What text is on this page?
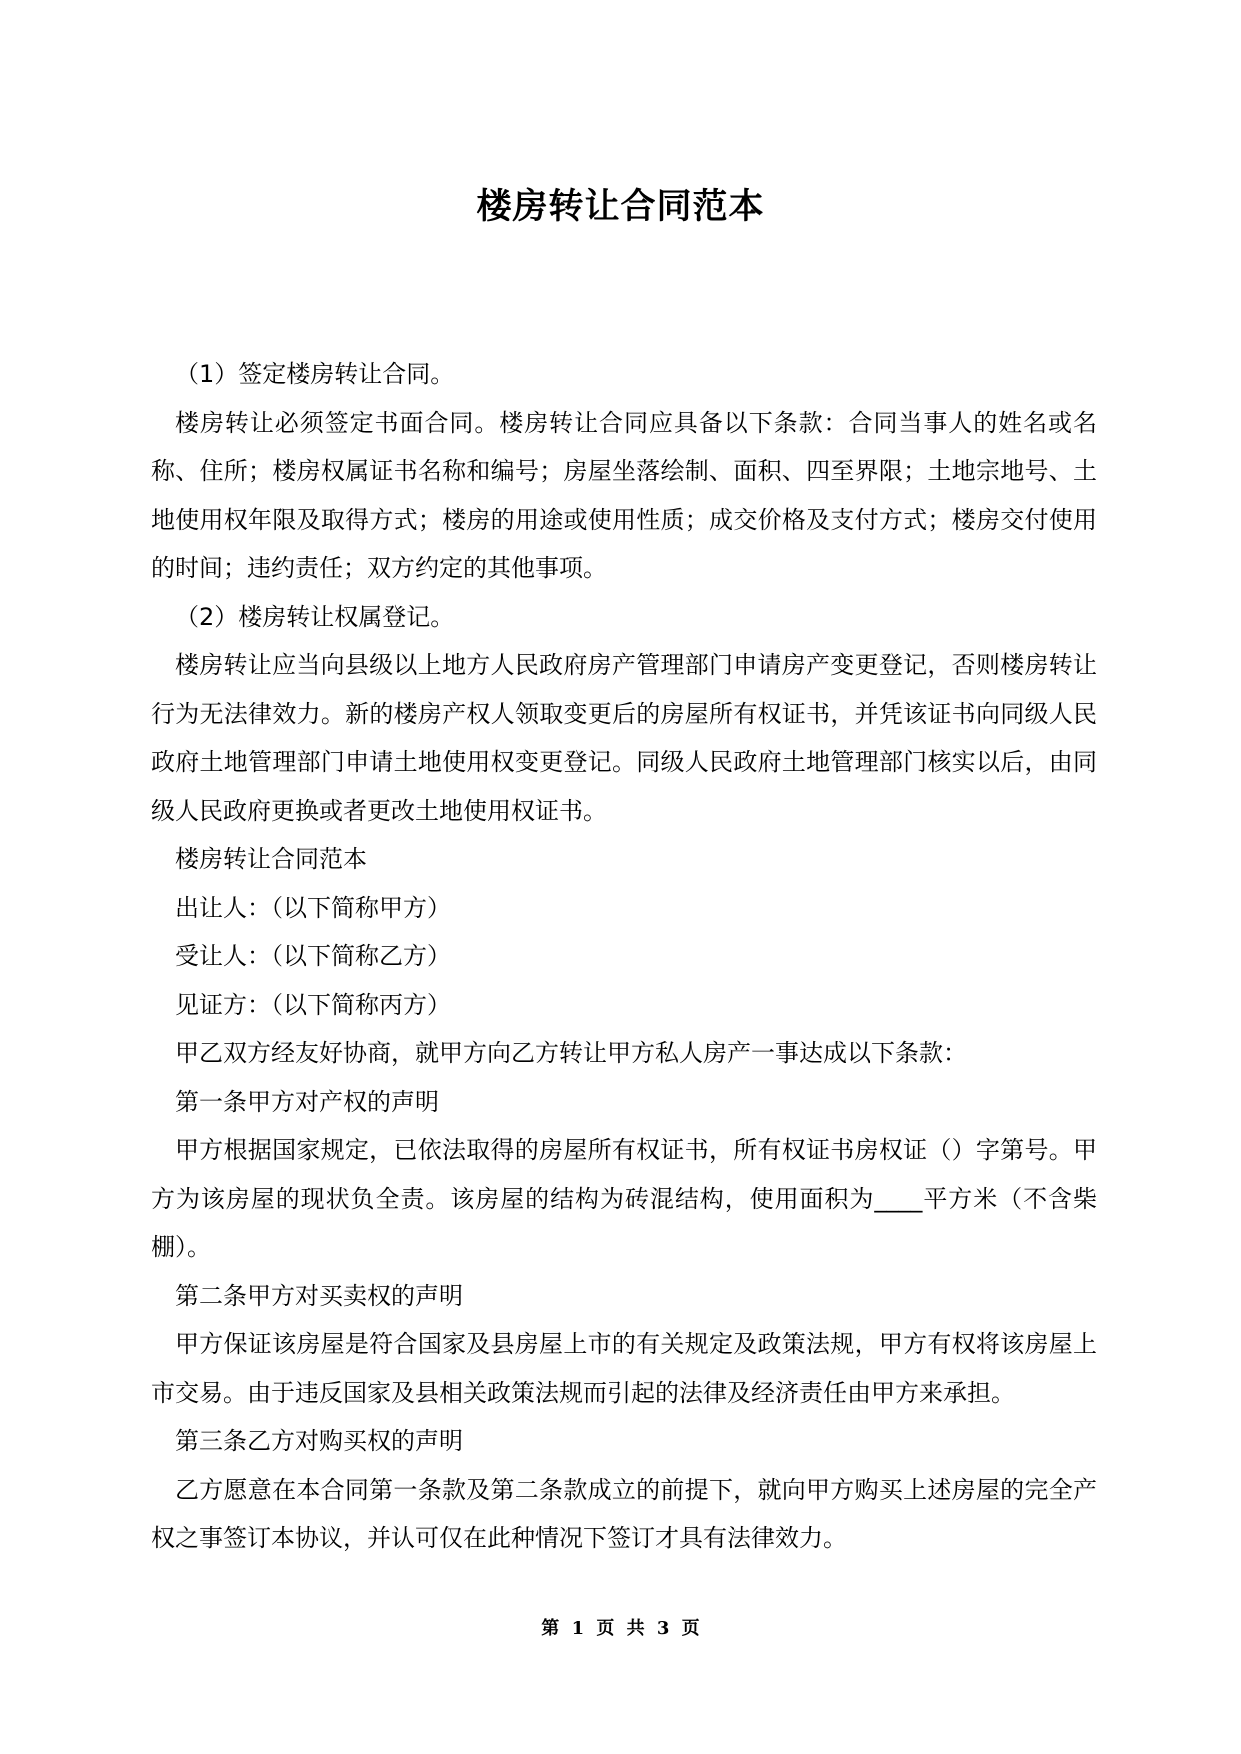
楼房转让合同范本

（1）签定楼房转让合同。

楼房转让必须签定书面合同。楼房转让合同应具备以下条款：合同当事人的姓名或名称、住所；楼房权属证书名称和编号；房屋坐落绘制、面积、四至界限；土地宗地号、土地使用权年限及取得方式；楼房的用途或使用性质；成交价格及支付方式；楼房交付使用的时间；违约责任；双方约定的其他事项。

（2）楼房转让权属登记。

楼房转让应当向县级以上地方人民政府房产管理部门申请房产变更登记，否则楼房转让行为无法律效力。新的楼房产权人领取变更后的房屋所有权证书，并凭该证书向同级人民政府土地管理部门申请土地使用权变更登记。同级人民政府土地管理部门核实以后，由同级人民政府更换或者更改土地使用权证书。

楼房转让合同范本

出让人：（以下简称甲方）

受让人：（以下简称乙方）

见证方：（以下简称丙方）

甲乙双方经友好协商，就甲方向乙方转让甲方私人房产一事达成以下条款：

第一条甲方对产权的声明

甲方根据国家规定，已依法取得的房屋所有权证书，所有权证书房权证（）字第号。甲方为该房屋的现状负全责。该房屋的结构为砖混结构，使用面积为____平方米（不含柴棚）。

第二条甲方对买卖权的声明

甲方保证该房屋是符合国家及县房屋上市的有关规定及政策法规，甲方有权将该房屋上市交易。由于违反国家及县相关政策法规而引起的法律及经济责任由甲方来承担。

第三条乙方对购买权的声明

乙方愿意在本合同第一条款及第二条款成立的前提下，就向甲方购买上述房屋的完全产权之事签订本协议，并认可仅在此种情况下签订才具有法律效力。

第 1 页 共 3 页
